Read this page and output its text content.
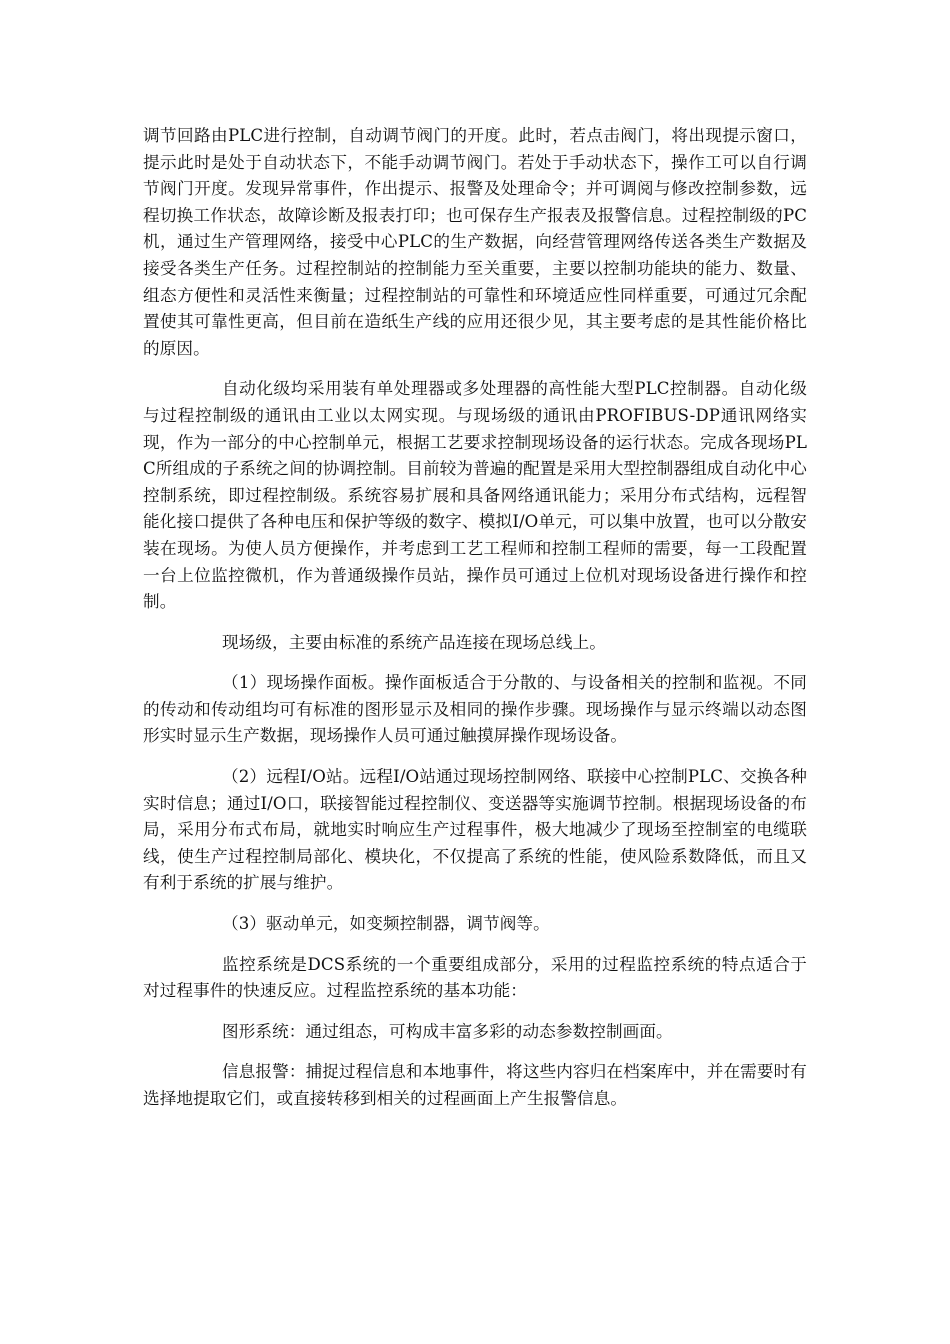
调节回路由PLC进行控制，自动调节阀门的开度。此时，若点击阀门，将出现提示窗口，提示此时是处于自动状态下，不能手动调节阀门。若处于手动状态下，操作工可以自行调节阀门开度。发现异常事件，作出提示、报警及处理命令；并可调阅与修改控制参数，远程切换工作状态，故障诊断及报表打印；也可保存生产报表及报警信息。过程控制级的PC机，通过生产管理网络，接受中心PLC的生产数据，向经营管理网络传送各类生产数据及接受各类生产任务。过程控制站的控制能力至关重要，主要以控制功能块的能力、数量、组态方便性和灵活性来衡量；过程控制站的可靠性和环境适应性同样重要，可通过冗余配置使其可靠性更高，但目前在造纸生产线的应用还很少见，其主要考虑的是其性能价格比的原因。

自动化级均采用装有单处理器或多处理器的高性能大型PLC控制器。自动化级与过程控制级的通讯由工业以太网实现。与现场级的通讯由PROFIBUS-DP通讯网络实现，作为一部分的中心控制单元，根据工艺要求控制现场设备的运行状态。完成各现场PLC所组成的子系统之间的协调控制。目前较为普遍的配置是采用大型控制器组成自动化中心控制系统，即过程控制级。系统容易扩展和具备网络通讯能力；采用分布式结构，远程智能化接口提供了各种电压和保护等级的数字、模拟I/O单元，可以集中放置，也可以分散安装在现场。为使人员方便操作，并考虑到工艺工程师和控制工程师的需要，每一工段配置一台上位监控微机，作为普通级操作员站，操作员可通过上位机对现场设备进行操作和控制。

现场级，主要由标准的系统产品连接在现场总线上。

（1）现场操作面板。操作面板适合于分散的、与设备相关的控制和监视。不同的传动和传动组均可有标准的图形显示及相同的操作步骤。现场操作与显示终端以动态图形实时显示生产数据，现场操作人员可通过触摸屏操作现场设备。

（2）远程I/O站。远程I/O站通过现场控制网络、联接中心控制PLC、交换各种实时信息；通过I/O口，联接智能过程控制仪、变送器等实施调节控制。根据现场设备的布局，采用分布式布局，就地实时响应生产过程事件，极大地减少了现场至控制室的电缆联线，使生产过程控制局部化、模块化，不仅提高了系统的性能，使风险系数降低，而且又有利于系统的扩展与维护。

（3）驱动单元，如变频控制器，调节阀等。

监控系统是DCS系统的一个重要组成部分，采用的过程监控系统的特点适合于对过程事件的快速反应。过程监控系统的基本功能：

图形系统：通过组态，可构成丰富多彩的动态参数控制画面。

信息报警：捕捉过程信息和本地事件，将这些内容归在档案库中，并在需要时有选择地提取它们，或直接转移到相关的过程画面上产生报警信息。
